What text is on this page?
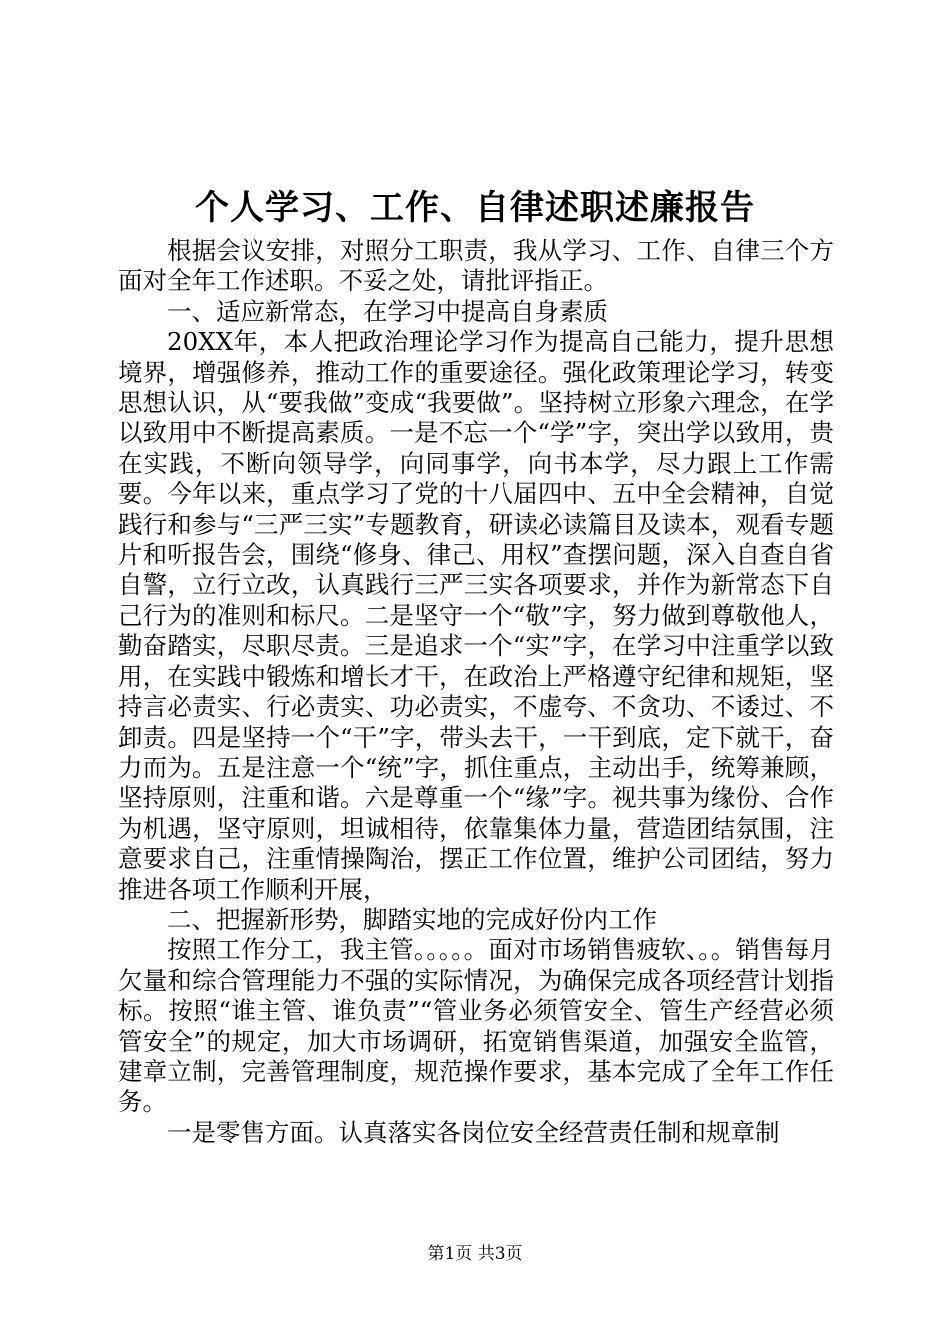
个人学习、工作、自律述职述廉报告

根据会议安排，对照分工职责，我从学习、工作、自律三个方面对全年工作述职。不妥之处，请批评指正。

一、适应新常态，在学习中提高自身素质

20XX年，本人把政治理论学习作为提高自己能力，提升思想境界，增强修养，推动工作的重要途径。强化政策理论学习，转变思想认识，从“要我做”变成“我要做”。坚持树立形象六理念，在学以致用中不断提高素质。一是不忘一个“学”字，突出学以致用，贵在实践，不断向领导学，向同事学，向书本学，尽力跟上工作需要。今年以来，重点学习了党的十八届四中、五中全会精神，自觉践行和参与“三严三实”专题教育，研读必读篇目及读本，观看专题片和听报告会，围绕“修身、律己、用权”查摆问题，深入自查自省自警，立行立改，认真践行三严三实各项要求，并作为新常态下自己行为的准则和标尺。二是坚守一个“敬”字，努力做到尊敬他人，勤奋踏实，尽职尽责。三是追求一个“实”字，在学习中注重学以致用，在实践中锻炼和增长才干，在政治上严格遵守纪律和规矩，坚持言必责实、行必责实、功必责实，不虚夸、不贪功、不诿过、不卸责。四是坚持一个“干”字，带头去干，一干到底，定下就干，奋力而为。五是注意一个“统”字，抓住重点，主动出手，统筹兼顾，坚持原则，注重和谐。六是尊重一个“缘”字。视共事为缘份、合作为机遇，坚守原则，坦诚相待，依靠集体力量，营造团结氛围，注意要求自己，注重情操陶治，摆正工作位置，维护公司团结，努力推进各项工作顺利开展，

二、把握新形势，脚踏实地的完成好份内工作

按照工作分工，我主管。。。。。面对市场销售疲软、。。销售每月欠量和综合管理能力不强的实际情况，为确保完成各项经营计划指标。按照“谁主管、谁负责”“管业务必须管安全、管生产经营必须管安全”的规定，加大市场调研，拓宽销售渠道，加强安全监管，建章立制，完善管理制度，规范操作要求，基本完成了全年工作任务。

一是零售方面。认真落实各岗位安全经营责任制和规章制

第1页 共3页
